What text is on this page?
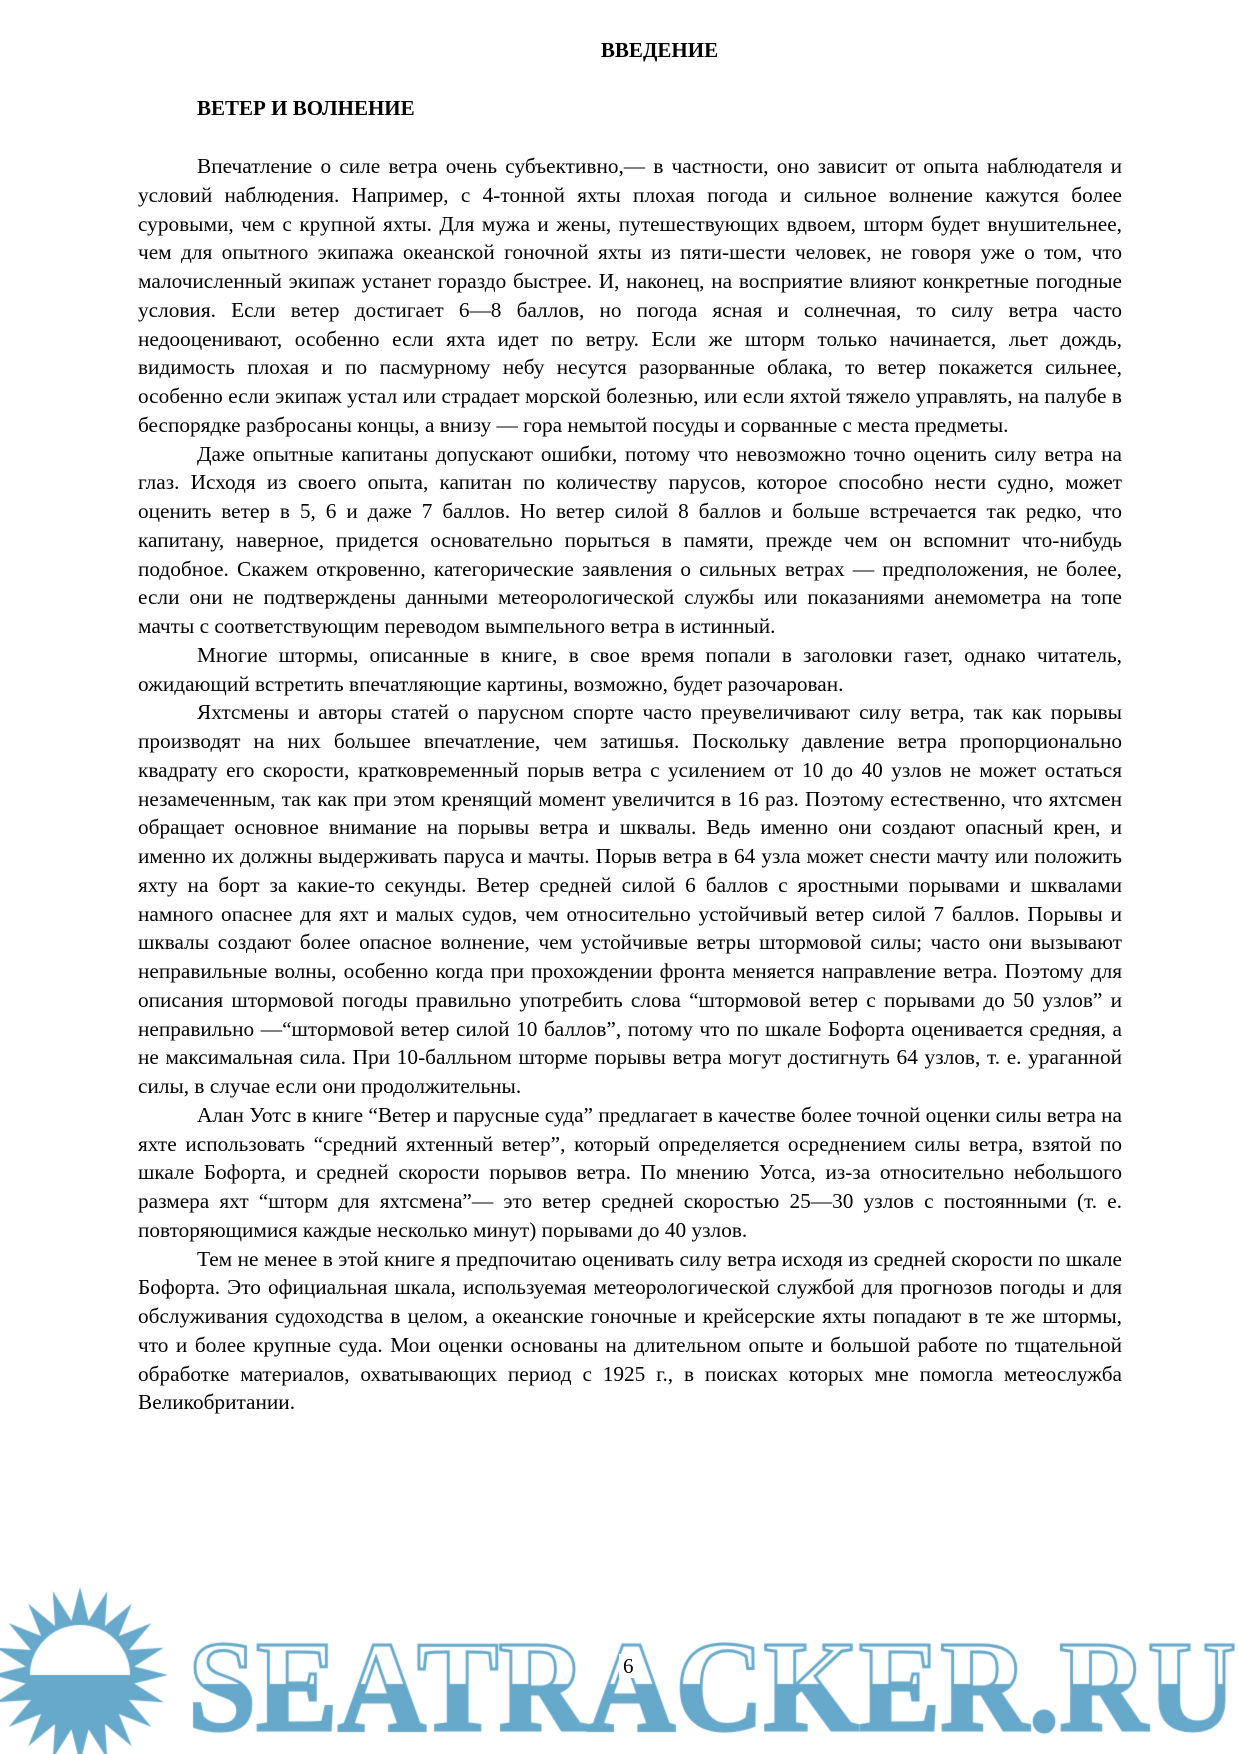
ВВЕДЕНИЕ
ВЕТЕР И ВОЛНЕНИЕ

Впечатление о силе ветра очень субъективно,— в частности, оно зависит от опыта наблюдателя и условий наблюдения. Например, с 4-тонной яхты плохая погода и сильное волнение кажутся более суровыми, чем с крупной яхты. Для мужа и жены, путешествующих вдвоем, шторм будет внушительнее, чем для опытного экипажа океанской гоночной яхты из пяти-шести человек, не говоря уже о том, что малочисленный экипаж устанет гораздо быстрее. И, наконец, на восприятие влияют конкретные погодные условия. Если ветер достигает 6—8 баллов, но погода ясная и солнечная, то силу ветра часто недооценивают, особенно если яхта идет по ветру. Если же шторм только начинается, льет дождь, видимость плохая и по пасмурному небу несутся разорванные облака, то ветер покажется сильнее, особенно если экипаж устал или страдает морской болезнью, или если яхтой тяжело управлять, на палубе в беспорядке разбросаны концы, а внизу — гора немытой посуды и сорванные с места предметы.

Даже опытные капитаны допускают ошибки, потому что невозможно точно оценить силу ветра на глаз. Исходя из своего опыта, капитан по количеству парусов, которое способно нести судно, может оценить ветер в 5, 6 и даже 7 баллов. Но ветер силой 8 баллов и больше встречается так редко, что капитану, наверное, придется основательно порыться в памяти, прежде чем он вспомнит что-нибудь подобное. Скажем откровенно, категорические заявления о сильных ветрах — предположения, не более, если они не подтверждены данными метеорологической службы или показаниями анемометра на топе мачты с соответствующим переводом вымпельного ветра в истинный.

Многие штормы, описанные в книге, в свое время попали в заголовки газет, однако читатель, ожидающий встретить впечатляющие картины, возможно, будет разочарован.

Яхтсмены и авторы статей о парусном спорте часто преувеличивают силу ветра, так как порывы производят на них большее впечатление, чем затишья. Поскольку давление ветра пропорционально квадрату его скорости, кратковременный порыв ветра с усилением от 10 до 40 узлов не может остаться незамеченным, так как при этом кренящий момент увеличится в 16 раз. Поэтому естественно, что яхтсмен обращает основное внимание на порывы ветра и шквалы. Ведь именно они создают опасный крен, и именно их должны выдерживать паруса и мачты. Порыв ветра в 64 узла может снести мачту или положить яхту на борт за какие-то секунды. Ветер средней силой 6 баллов с яростными порывами и шквалами намного опаснее для яхт и малых судов, чем относительно устойчивый ветер силой 7 баллов. Порывы и шквалы создают более опасное волнение, чем устойчивые ветры штормовой силы; часто они вызывают неправильные волны, особенно когда при прохождении фронта меняется направление ветра. Поэтому для описания штормовой погоды правильно употребить слова “штормовой ветер с порывами до 50 узлов” и неправильно —“штормовой ветер силой 10 баллов”, потому что по шкале Бофорта оценивается средняя, а не максимальная сила. При 10-балльном шторме порывы ветра могут достигнуть 64 узлов, т. е. ураганной силы, в случае если они продолжительны.

Алан Уотс в книге “Ветер и парусные суда” предлагает в качестве более точной оценки силы ветра на яхте использовать “средний яхтенный ветер”, который определяется осреднением силы ветра, взятой по шкале Бофорта, и средней скорости порывов ветра. По мнению Уотса, из-за относительно небольшого размера яхт “шторм для яхтсмена”— это ветер средней скоростью 25—30 узлов с постоянными (т. е. повторяющимися каждые несколько минут) порывами до 40 узлов.

Тем не менее в этой книге я предпочитаю оценивать силу ветра исходя из средней скорости по шкале Бофорта. Это официальная шкала, используемая метеорологической службой для прогнозов погоды и для обслуживания судоходства в целом, а океанские гоночные и крейсерские яхты попадают в те же штормы, что и более крупные суда. Мои оценки основаны на длительном опыте и большой работе по тщательной обработке материалов, охватывающих период с 1925 г., в поисках которых мне помогла метеослужба Великобритании.

6
